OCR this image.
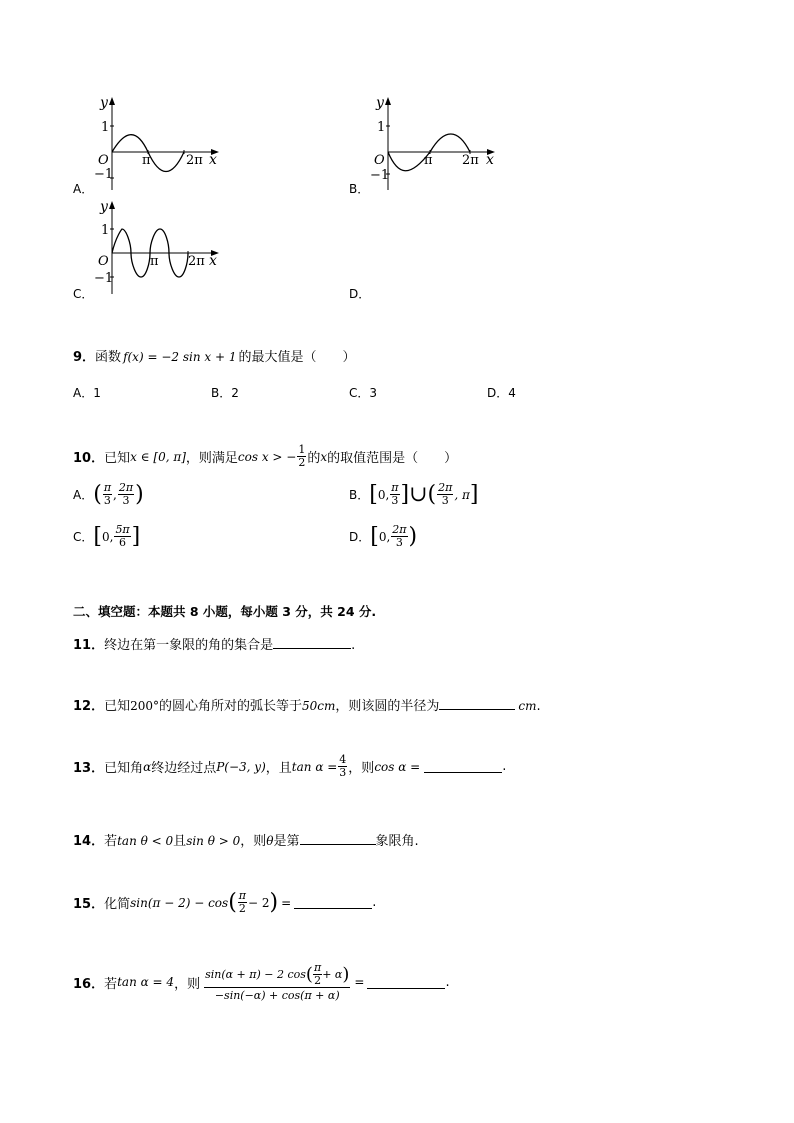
y
x
1
O
−1
π	2π
A．
y
x
1
O
−1
π 2π
B．
y
x
1
O
−1
π 2π
C．	D．
9．函数 f(x) = −2 sin x + 1 的最大值是（　　）
A．1	B．2	C．3	D．4
10． 已知 x ∈ [0, π] ，则满足 cos x > − $\frac{1}{2}$ 的 x 的取值范围是（　　）
A． ( $\frac{\pi}{3}$ , $\frac{2\pi}{3}$ )	B． [ 0, $\frac{\pi}{3}$ ]∪( $\frac{2\pi}{3}$ , π ]
C． [ 0, $\frac{5\pi}{6}$ ]	D． [ 0, $\frac{2\pi}{3}$ )
二、填空题：本题共 8 小题，每小题 3 分，共 24 分.
11．终边在第一象限的角的集合是	.
12．已知200°的圆心角所对的弧长等于50cm，则该圆的半径为	cm.
13． 已知角 α 终边经过点 P(−3, y) ，且 $\tan \alpha = \frac{4}{3}$ ，则 cos α =	.
14．若tan θ < 0且sin θ > 0，则θ是第	象限角.
15． 化简 sin(π − 2) − cos ( $\frac{\pi}{2} - 2$ ) =	.
16． 若 tan α = 4 ，则 $\frac{\sin(\alpha + \pi) - 2 \cos ( \frac{\pi}{2} + \alpha )}{-\sin(-\alpha) + \cos(\pi + \alpha)}$ =	.
